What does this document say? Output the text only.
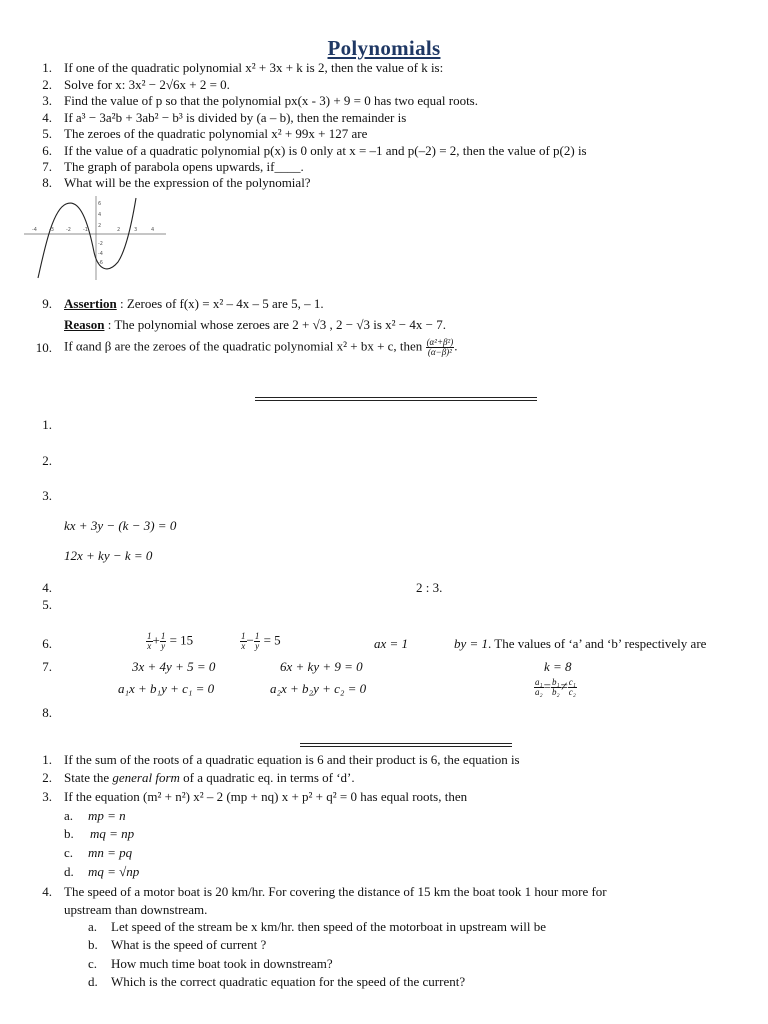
Polynomials
1. If one of the quadratic polynomial x² + 3x + k is 2, then the value of k is:
2. Solve for x: 3x² − 2√6x + 2 = 0.
3. Find the value of p so that the polynomial px(x - 3) + 9 = 0 has two equal roots.
4. If a³ − 3a²b + 3ab² − b³ is divided by (a – b), then the remainder is
5. The zeroes of the quadratic polynomial x² + 99x + 127 are
6. If the value of a quadratic polynomial p(x) is 0 only at x = –1 and p(–2) = 2, then the value of p(2) is
7. The graph of parabola opens upwards, if____.
8. What will be the expression of the polynomial?
-4 -3 -2 -1	2	3	4
6
4
2
-2
-4
-6
9. Assertion : Zeroes of f(x) = x² – 4x – 5 are 5, – 1.
Reason : The polynomial whose zeroes are 2 + √3 , 2 − √3 is x² − 4x − 7.
10. If αand β are the zeroes of the quadratic polynomial x² + bx + c, then $\frac{\text{(α²+β²)}}{\text{(α−β)²}}$ .
1.
2.
3.
kx + 3y − (k − 3) = 0
12x + ky − k = 0
4.	2 : 3.
5.
6.	$\frac{1}{x} + \frac{1}{y} = 15$	$\frac{1}{x} - \frac{1}{y} = 5$	ax = 1	by = 1. The values of ‘a’ and ‘b’ respectively are
7.	3x + 4y + 5 = 0	6x + ky + 9 = 0	k = 8
a₁x + b₁y + c₁ = 0	a₂x + b₂y + c₂ = 0	$\frac{\text{a₁}}{\text{a₂}} = \frac{\text{b₁}}{\text{b₂}} \ne \frac{\text{c₁}}{\text{c₂}}$
8.
1. If the sum of the roots of a quadratic equation is 6 and their product is 6, the equation is
2. State the general form of a quadratic eq. in terms of ‘d’.
3. If the equation (m² + n²) x² – 2 (mp + nq) x + p² + q² = 0 has equal roots, then
a. mp = n
b. mq = np
c. mn = pq
d. mq = √np
4. The speed of a motor boat is 20 km/hr. For covering the distance of 15 km the boat took 1 hour more for
upstream than downstream.
a. Let speed of the stream be x km/hr. then speed of the motorboat in upstream will be
b. What is the speed of current ?
c. How much time boat took in downstream?
d. Which is the correct quadratic equation for the speed of the current?
